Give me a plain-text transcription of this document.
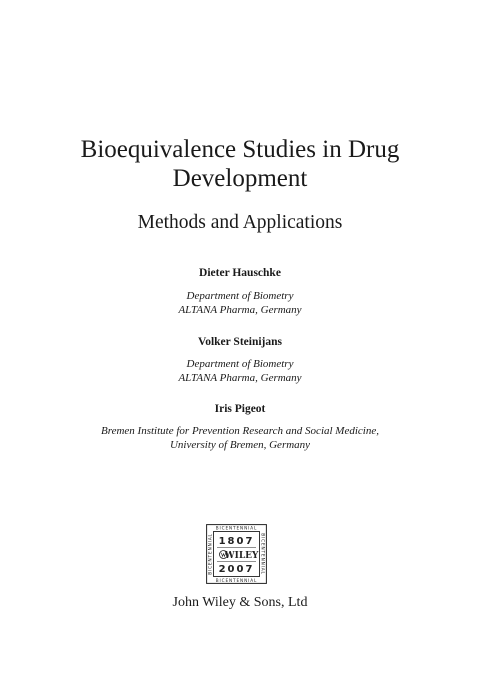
Bioequivalence Studies in Drug
Development
Methods and Applications
Dieter Hauschke
Department of Biometry
ALTANA Pharma, Germany
Volker Steinijans
Department of Biometry
ALTANA Pharma, Germany
Iris Pigeot
Bremen Institute for Prevention Research and Social Medicine,
University of Bremen, Germany
BICENTENNIAL
BICENTENNIAL
BICENTENNIAL	BICENTENNIAL
1807
WILEY
2007
John Wiley & Sons, Ltd
